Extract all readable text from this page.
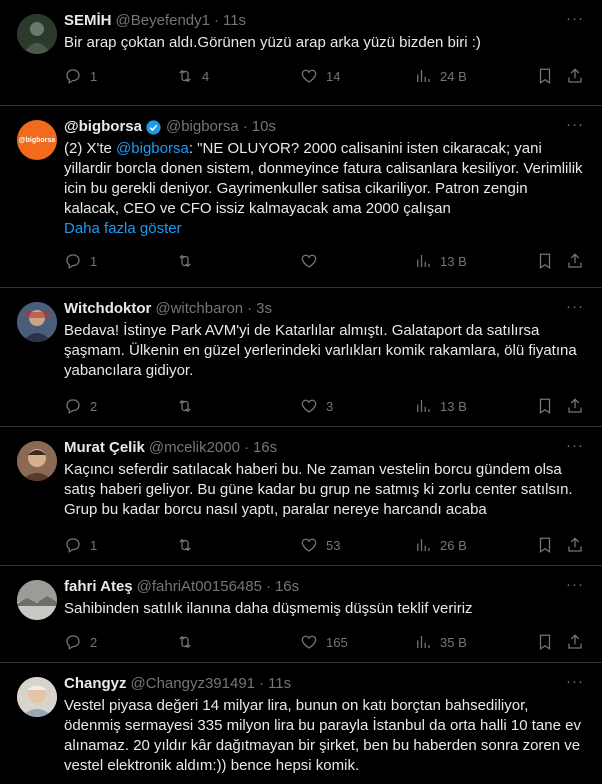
SEMİH @Beyefendy1 · 11s	···
Bir arap çoktan aldı.Görünen yüzü arap arka yüzü bizden biri :)
1	4	14	24 B
@bigborsa
@bigborsa @bigborsa · 10s	···
(2) X'te @bigborsa: "NE OLUYOR? 2000 calisanini isten cikaracak; yani yillardir borcla donen sistem, donmeyince fatura calisanlara kesiliyor. Verimlilik icin bu gerekli deniyor. Gayrimenkuller satisa cikariliyor. Patron zengin kalacak, CEO ve CFO issiz kalmayacak ama 2000 çalışan
Daha fazla göster
1	13 B
Witchdoktor @witchbaron · 3s	···
Bedava! İstinye Park AVM'yi de Katarlılar almıştı. Galataport da satılırsa şaşmam. Ülkenin en güzel yerlerindeki varlıkları komik rakamlara, ölü fiyatına yabancılara gidiyor.
2	3	13 B
Murat Çelik @mcelik2000 · 16s	···
Kaçıncı seferdir satılacak haberi bu. Ne zaman vestelin borcu gündem olsa satış haberi geliyor. Bu güne kadar bu grup ne satmış ki zorlu center satılsın. Grup bu kadar borcu nasıl yaptı, paralar nereye harcandı acaba
1	53	26 B
fahri Ateş @fahriAt00156485 · 16s	···
Sahibinden satılık ilanına daha düşmemiş düşsün teklif veririz
2	165	35 B
Changyz @Changyz391491 · 11s	···
Vestel piyasa değeri 14 milyar lira, bunun on katı borçtan bahsediliyor, ödenmiş sermayesi 335 milyon lira bu parayla İstanbul da orta halli 10 tane ev alınamaz. 20 yıldır kâr dağıtmayan bir şirket, ben bu haberden sonra zoren ve vestel elektronik aldım:)) bence hepsi komik.
